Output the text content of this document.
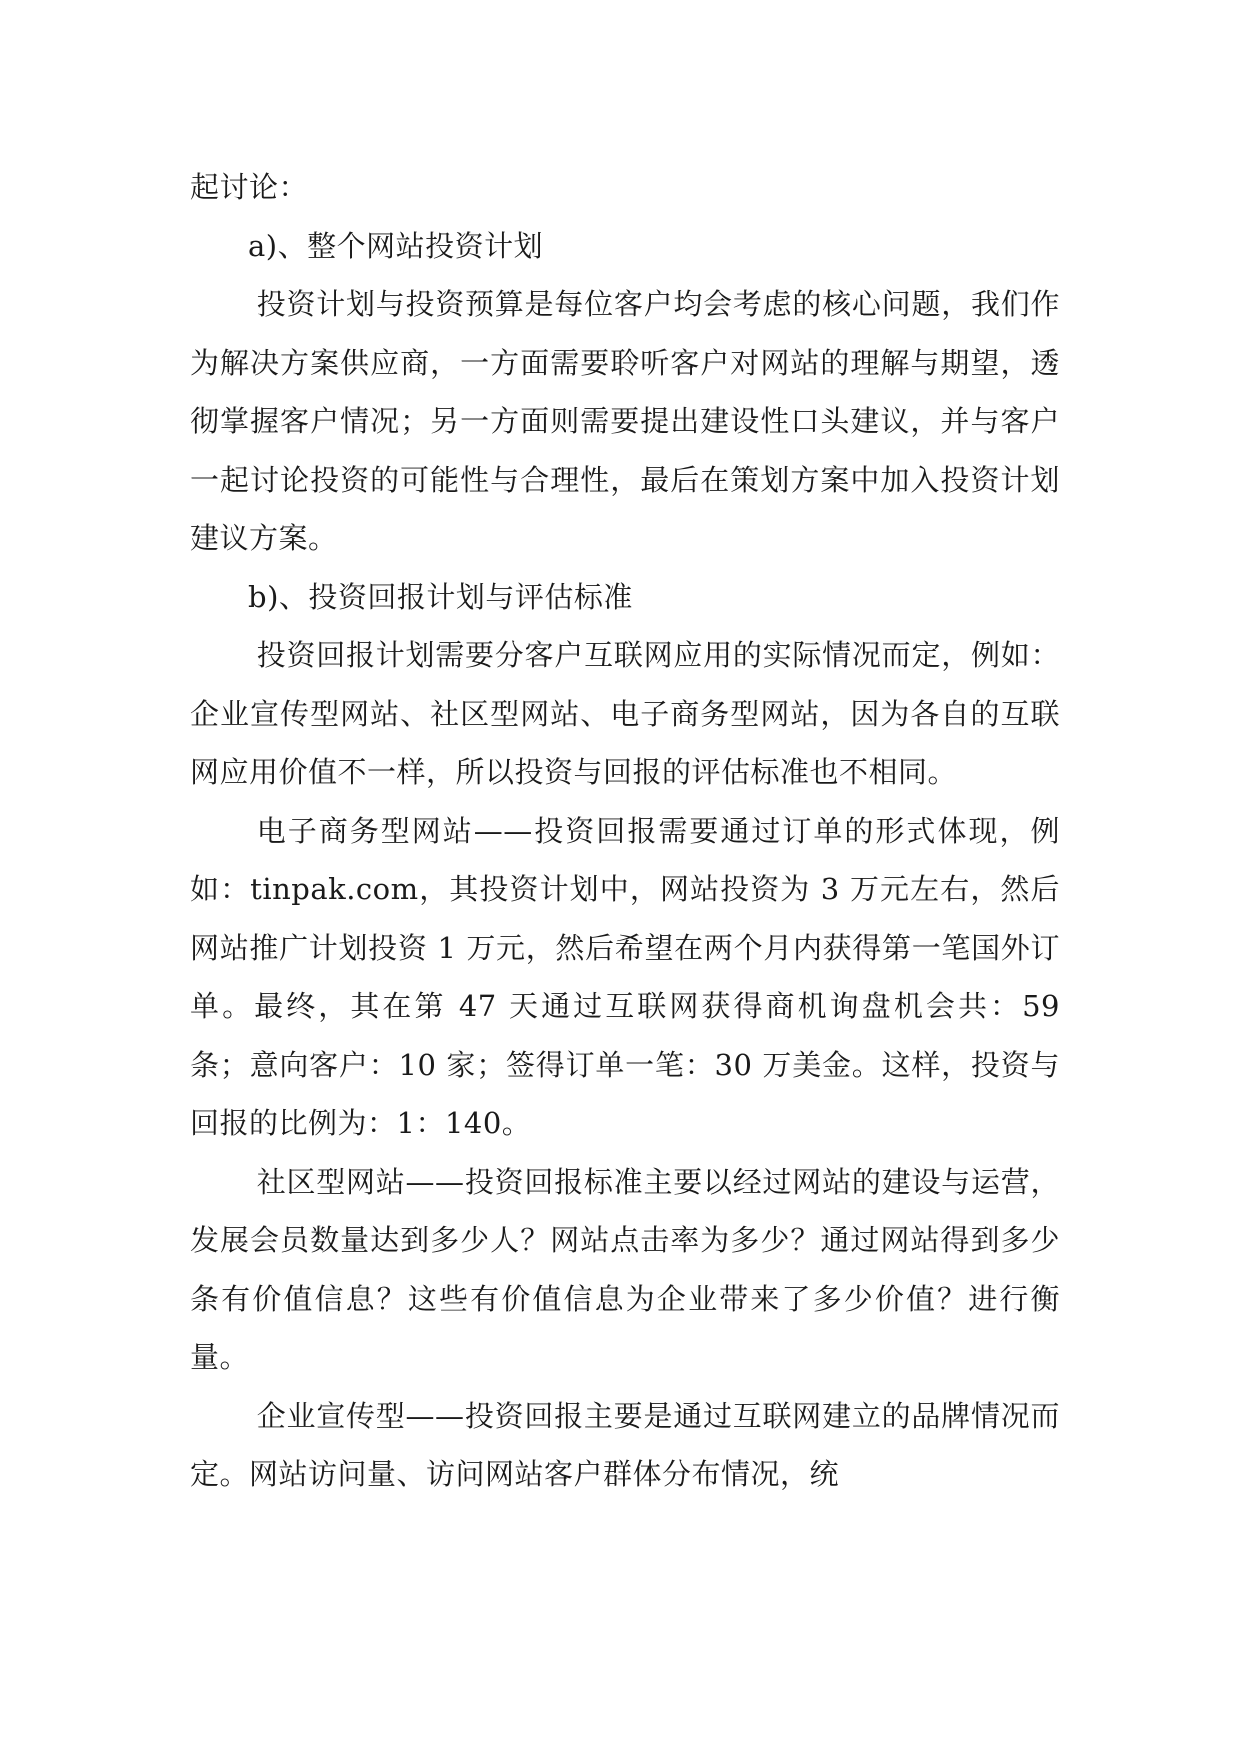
起讨论：

a)、整个网站投资计划

投资计划与投资预算是每位客户均会考虑的核心问题，我们作为解决方案供应商，一方面需要聆听客户对网站的理解与期望，透彻掌握客户情况；另一方面则需要提出建设性口头建议，并与客户一起讨论投资的可能性与合理性，最后在策划方案中加入投资计划建议方案。

b)、投资回报计划与评估标准

投资回报计划需要分客户互联网应用的实际情况而定，例如：企业宣传型网站、社区型网站、电子商务型网站，因为各自的互联网应用价值不一样，所以投资与回报的评估标准也不相同。

电子商务型网站——投资回报需要通过订单的形式体现，例如：tinpak.com，其投资计划中，网站投资为 3 万元左右，然后网站推广计划投资 1 万元，然后希望在两个月内获得第一笔国外订单。最终，其在第 47 天通过互联网获得商机询盘机会共：59 条；意向客户：10 家；签得订单一笔：30 万美金。这样，投资与回报的比例为：1：140。

社区型网站——投资回报标准主要以经过网站的建设与运营，发展会员数量达到多少人？网站点击率为多少？通过网站得到多少条有价值信息？这些有价值信息为企业带来了多少价值？进行衡量。

企业宣传型——投资回报主要是通过互联网建立的品牌情况而定。网站访问量、访问网站客户群体分布情况，统
